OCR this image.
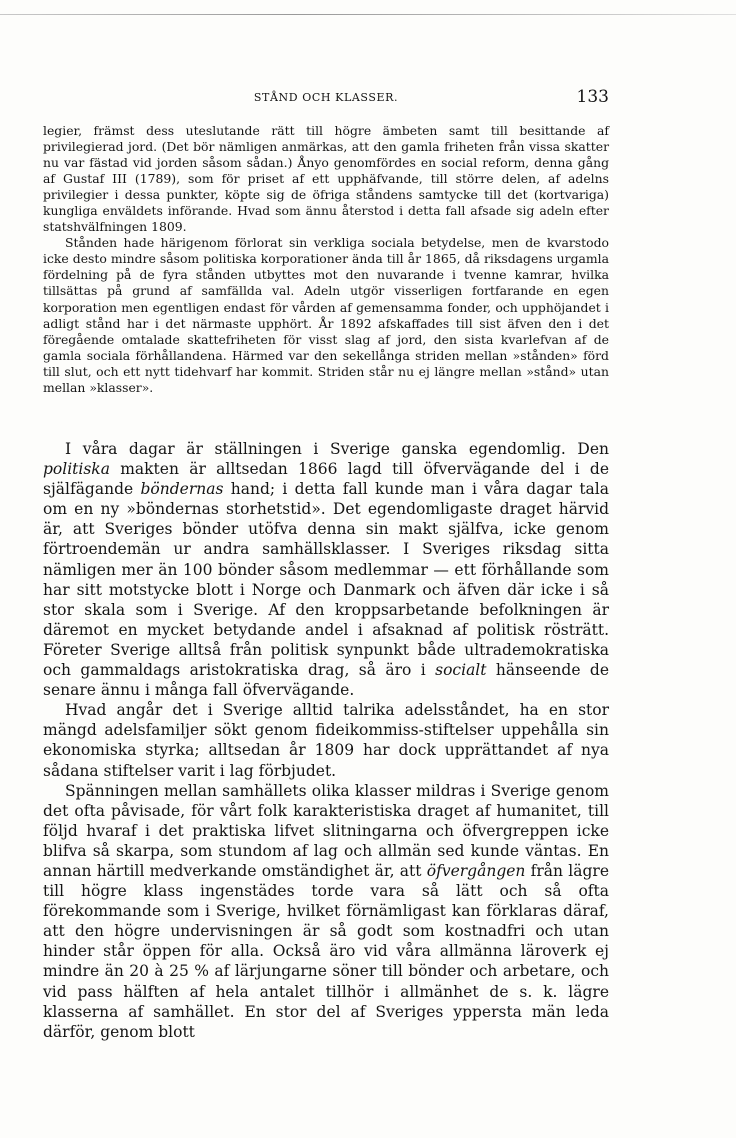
STÅND OCH KLASSER.	133

legier, främst dess uteslutande rätt till högre ämbeten samt till besittande af privilegierad jord. (Det bör nämligen anmärkas, att den gamla friheten från vissa skatter nu var fästad vid jorden såsom sådan.) Ånyo genomfördes en social reform, denna gång af Gustaf III (1789), som för priset af ett upphäfvande, till större delen, af adelns privilegier i dessa punkter, köpte sig de öfriga ståndens samtycke till det (kortvariga) kungliga enväldets införande. Hvad som ännu återstod i detta fall afsade sig adeln efter statshvälfningen 1809.

Stånden hade härigenom förlorat sin verkliga sociala betydelse, men de kvarstodo icke desto mindre såsom politiska korporationer ända till år 1865, då riksdagens urgamla fördelning på de fyra stånden utbyttes mot den nuvarande i tvenne kamrar, hvilka tillsättas på grund af samfällda val. Adeln utgör visserligen fortfarande en egen korporation men egentligen endast för vården af gemensamma fonder, och upphöjandet i adligt stånd har i det närmaste upphört. År 1892 afskaffades till sist äfven den i det föregående omtalade skattefriheten för visst slag af jord, den sista kvarlefvan af de gamla sociala förhållandena. Härmed var den sekellånga striden mellan »stånden» förd till slut, och ett nytt tidehvarf har kommit. Striden står nu ej längre mellan »stånd» utan mellan »klasser».

I våra dagar är ställningen i Sverige ganska egendomlig. Den politiska makten är alltsedan 1866 lagd till öfvervägande del i de själfägande böndernas hand; i detta fall kunde man i våra dagar tala om en ny »böndernas storhetstid». Det egendomligaste draget härvid är, att Sveriges bönder utöfva denna sin makt själfva, icke genom förtroendemän ur andra samhällsklasser. I Sveriges riksdag sitta nämligen mer än 100 bönder såsom medlemmar — ett förhållande som har sitt motstycke blott i Norge och Danmark och äfven där icke i så stor skala som i Sverige. Af den kroppsarbetande befolkningen är däremot en mycket betydande andel i afsaknad af politisk rösträtt. Företer Sverige alltså från politisk synpunkt både ultrademokratiska och gammaldags aristokratiska drag, så äro i socialt hänseende de senare ännu i många fall öfvervägande.

Hvad angår det i Sverige alltid talrika adelsståndet, ha en stor mängd adelsfamiljer sökt genom fideikommiss-stiftelser uppehålla sin ekonomiska styrka; alltsedan år 1809 har dock upprättandet af nya sådana stiftelser varit i lag förbjudet.

Spänningen mellan samhällets olika klasser mildras i Sverige genom det ofta påvisade, för vårt folk karakteristiska draget af humanitet, till följd hvaraf i det praktiska lifvet slitningarna och öfvergreppen icke blifva så skarpa, som stundom af lag och allmän sed kunde väntas. En annan härtill medverkande omständighet är, att öfvergången från lägre till högre klass ingenstädes torde vara så lätt och så ofta förekommande som i Sverige, hvilket förnämligast kan förklaras däraf, att den högre undervisningen är så godt som kostnadfri och utan hinder står öppen för alla. Också äro vid våra allmänna läroverk ej mindre än 20 à 25 % af lärjungarne söner till bönder och arbetare, och vid pass hälften af hela antalet tillhör i allmänhet de s. k. lägre klasserna af samhället. En stor del af Sveriges yppersta män leda därför, genom blott
